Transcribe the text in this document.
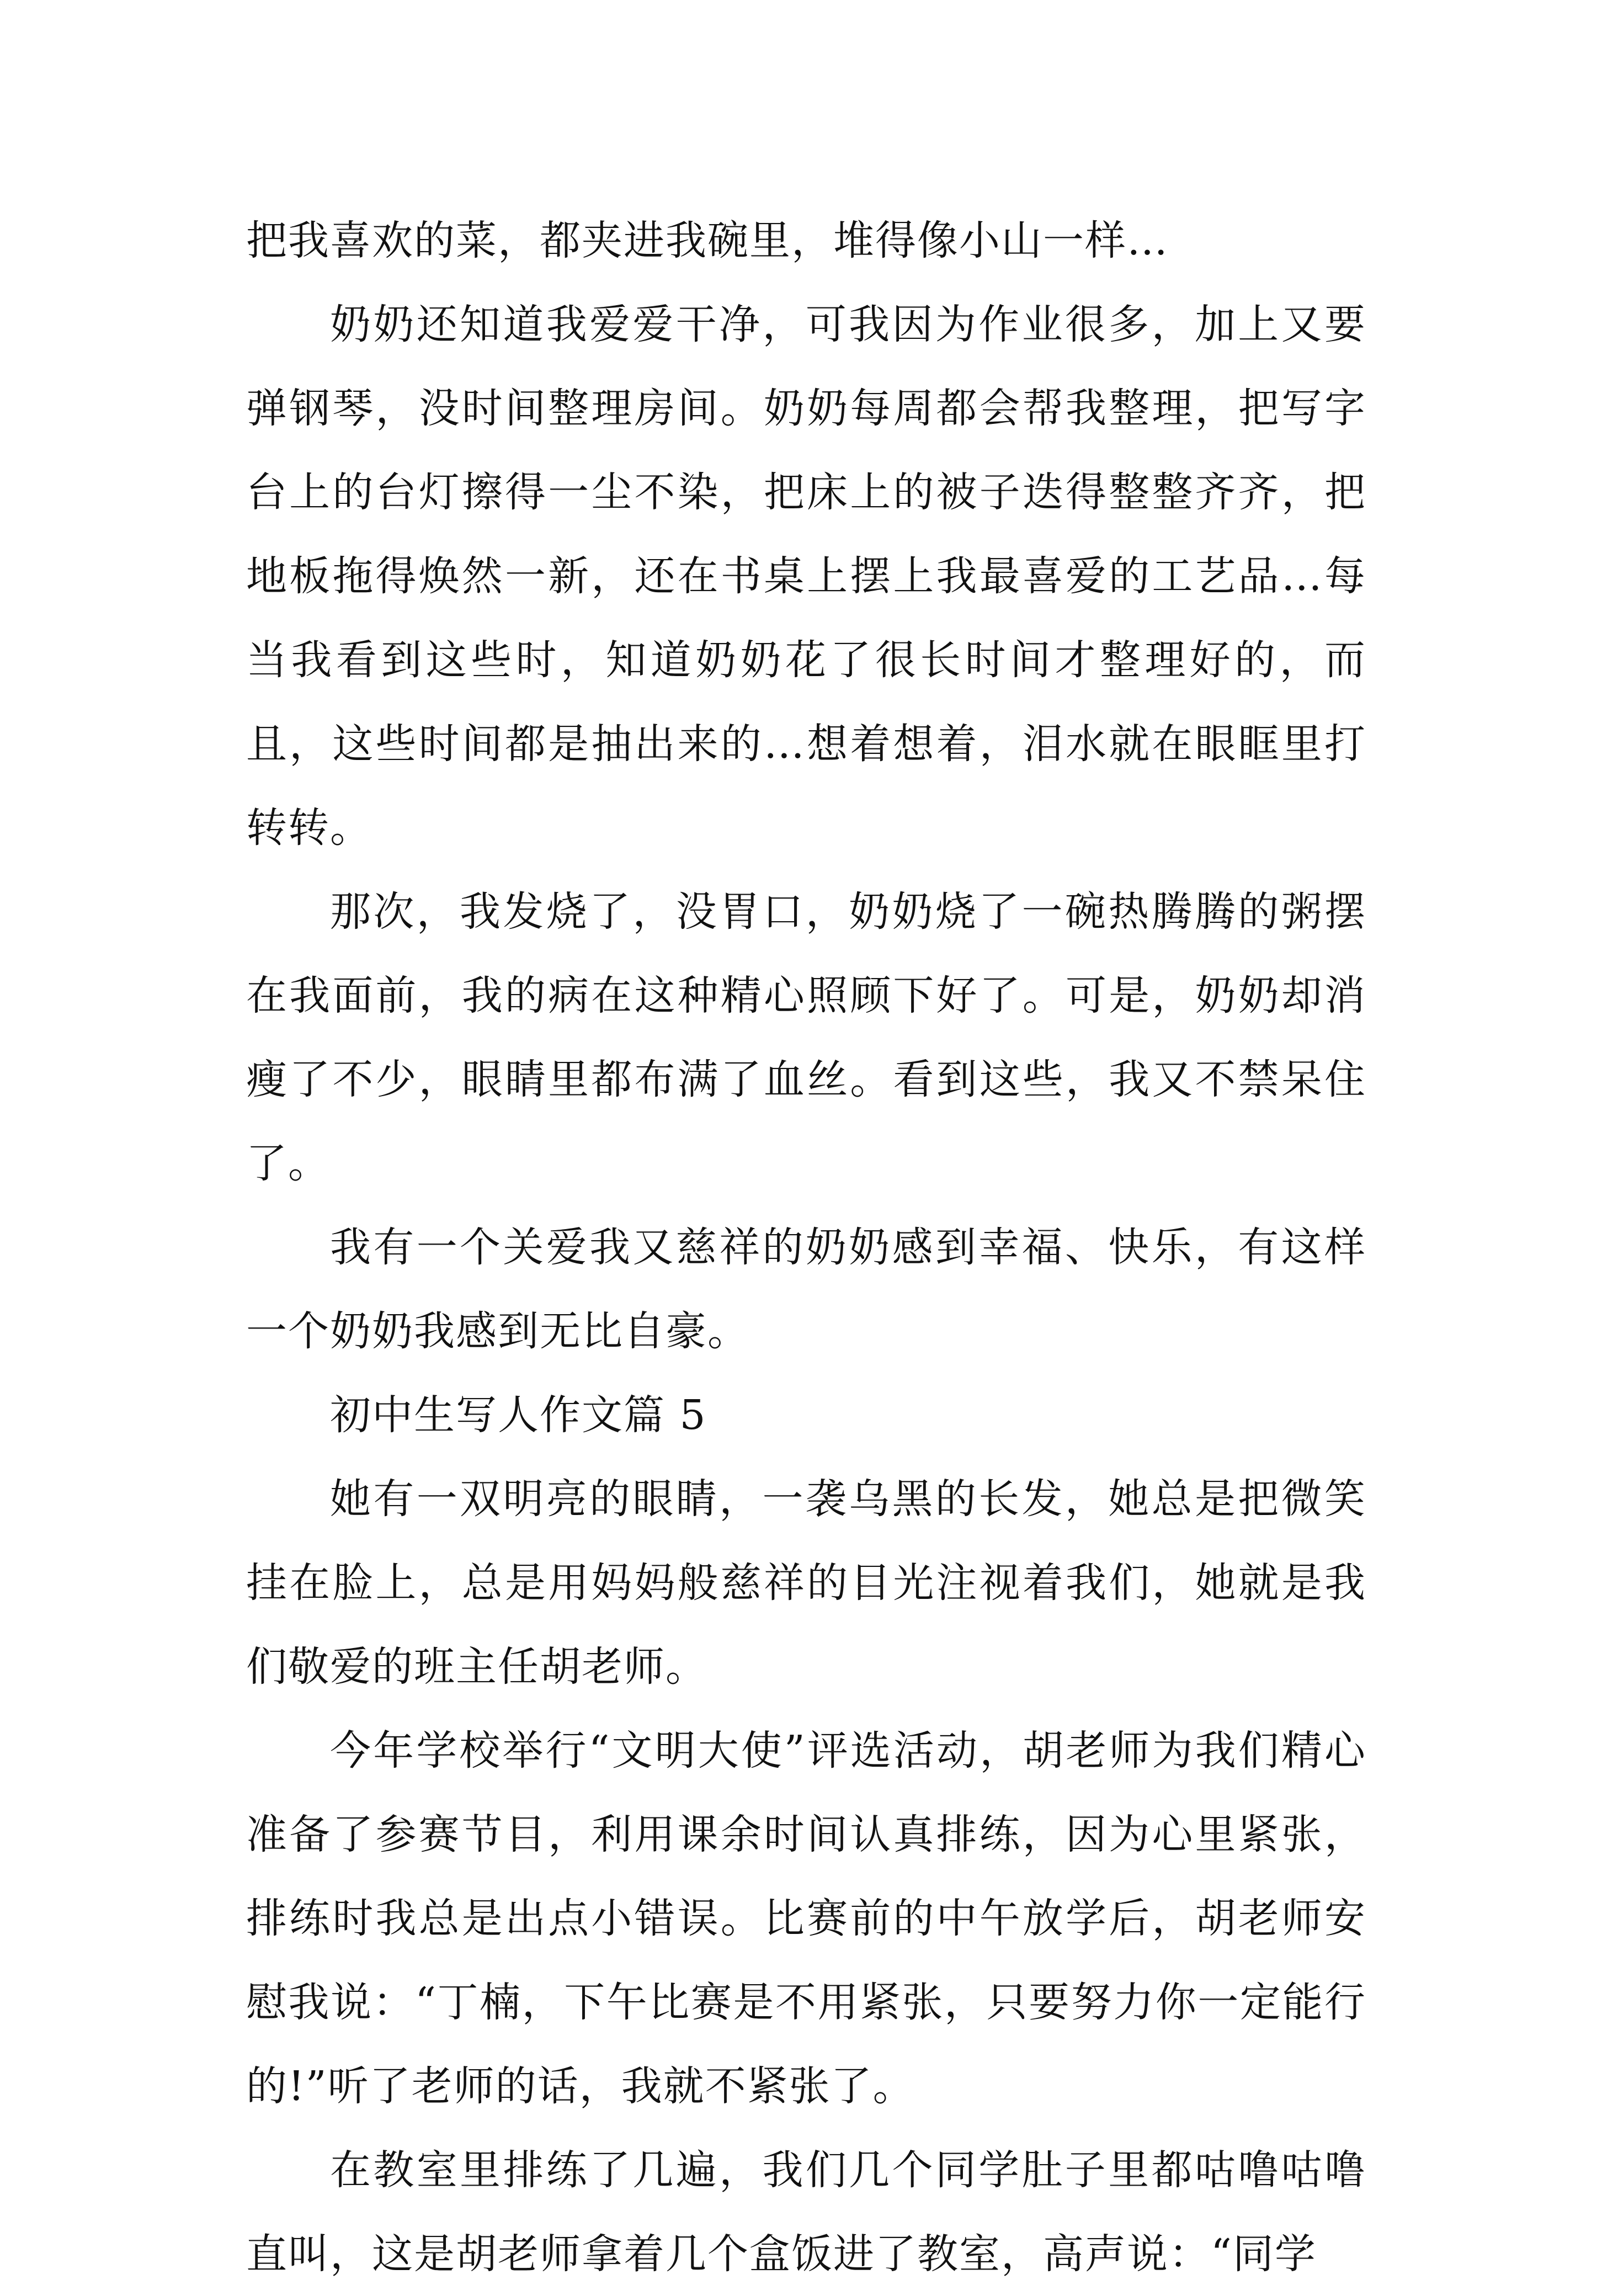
把我喜欢的菜，都夹进我碗里，堆得像小山一样…

奶奶还知道我爱爱干净，可我因为作业很多，加上又要弹钢琴，没时间整理房间。奶奶每周都会帮我整理，把写字台上的台灯擦得一尘不染，把床上的被子迭得整整齐齐，把地板拖得焕然一新，还在书桌上摆上我最喜爱的工艺品…每当我看到这些时，知道奶奶花了很长时间才整理好的，而且，这些时间都是抽出来的…想着想着，泪水就在眼眶里打转转。

那次，我发烧了，没胃口，奶奶烧了一碗热腾腾的粥摆在我面前，我的病在这种精心照顾下好了。可是，奶奶却消瘦了不少，眼睛里都布满了血丝。看到这些，我又不禁呆住了。

我有一个关爱我又慈祥的奶奶感到幸福、快乐，有这样一个奶奶我感到无比自豪。

初中生写人作文篇 5

她有一双明亮的眼睛，一袭乌黑的长发，她总是把微笑挂在脸上，总是用妈妈般慈祥的目光注视着我们，她就是我们敬爱的班主任胡老师。

今年学校举行“文明大使”评选活动，胡老师为我们精心准备了参赛节目，利用课余时间认真排练，因为心里紧张，排练时我总是出点小错误。比赛前的中午放学后，胡老师安慰我说：“丁楠，下午比赛是不用紧张，只要努力你一定能行的!”听了老师的话，我就不紧张了。

在教室里排练了几遍，我们几个同学肚子里都咕噜咕噜直叫，这是胡老师拿着几个盒饭进了教室，高声说：“同学
